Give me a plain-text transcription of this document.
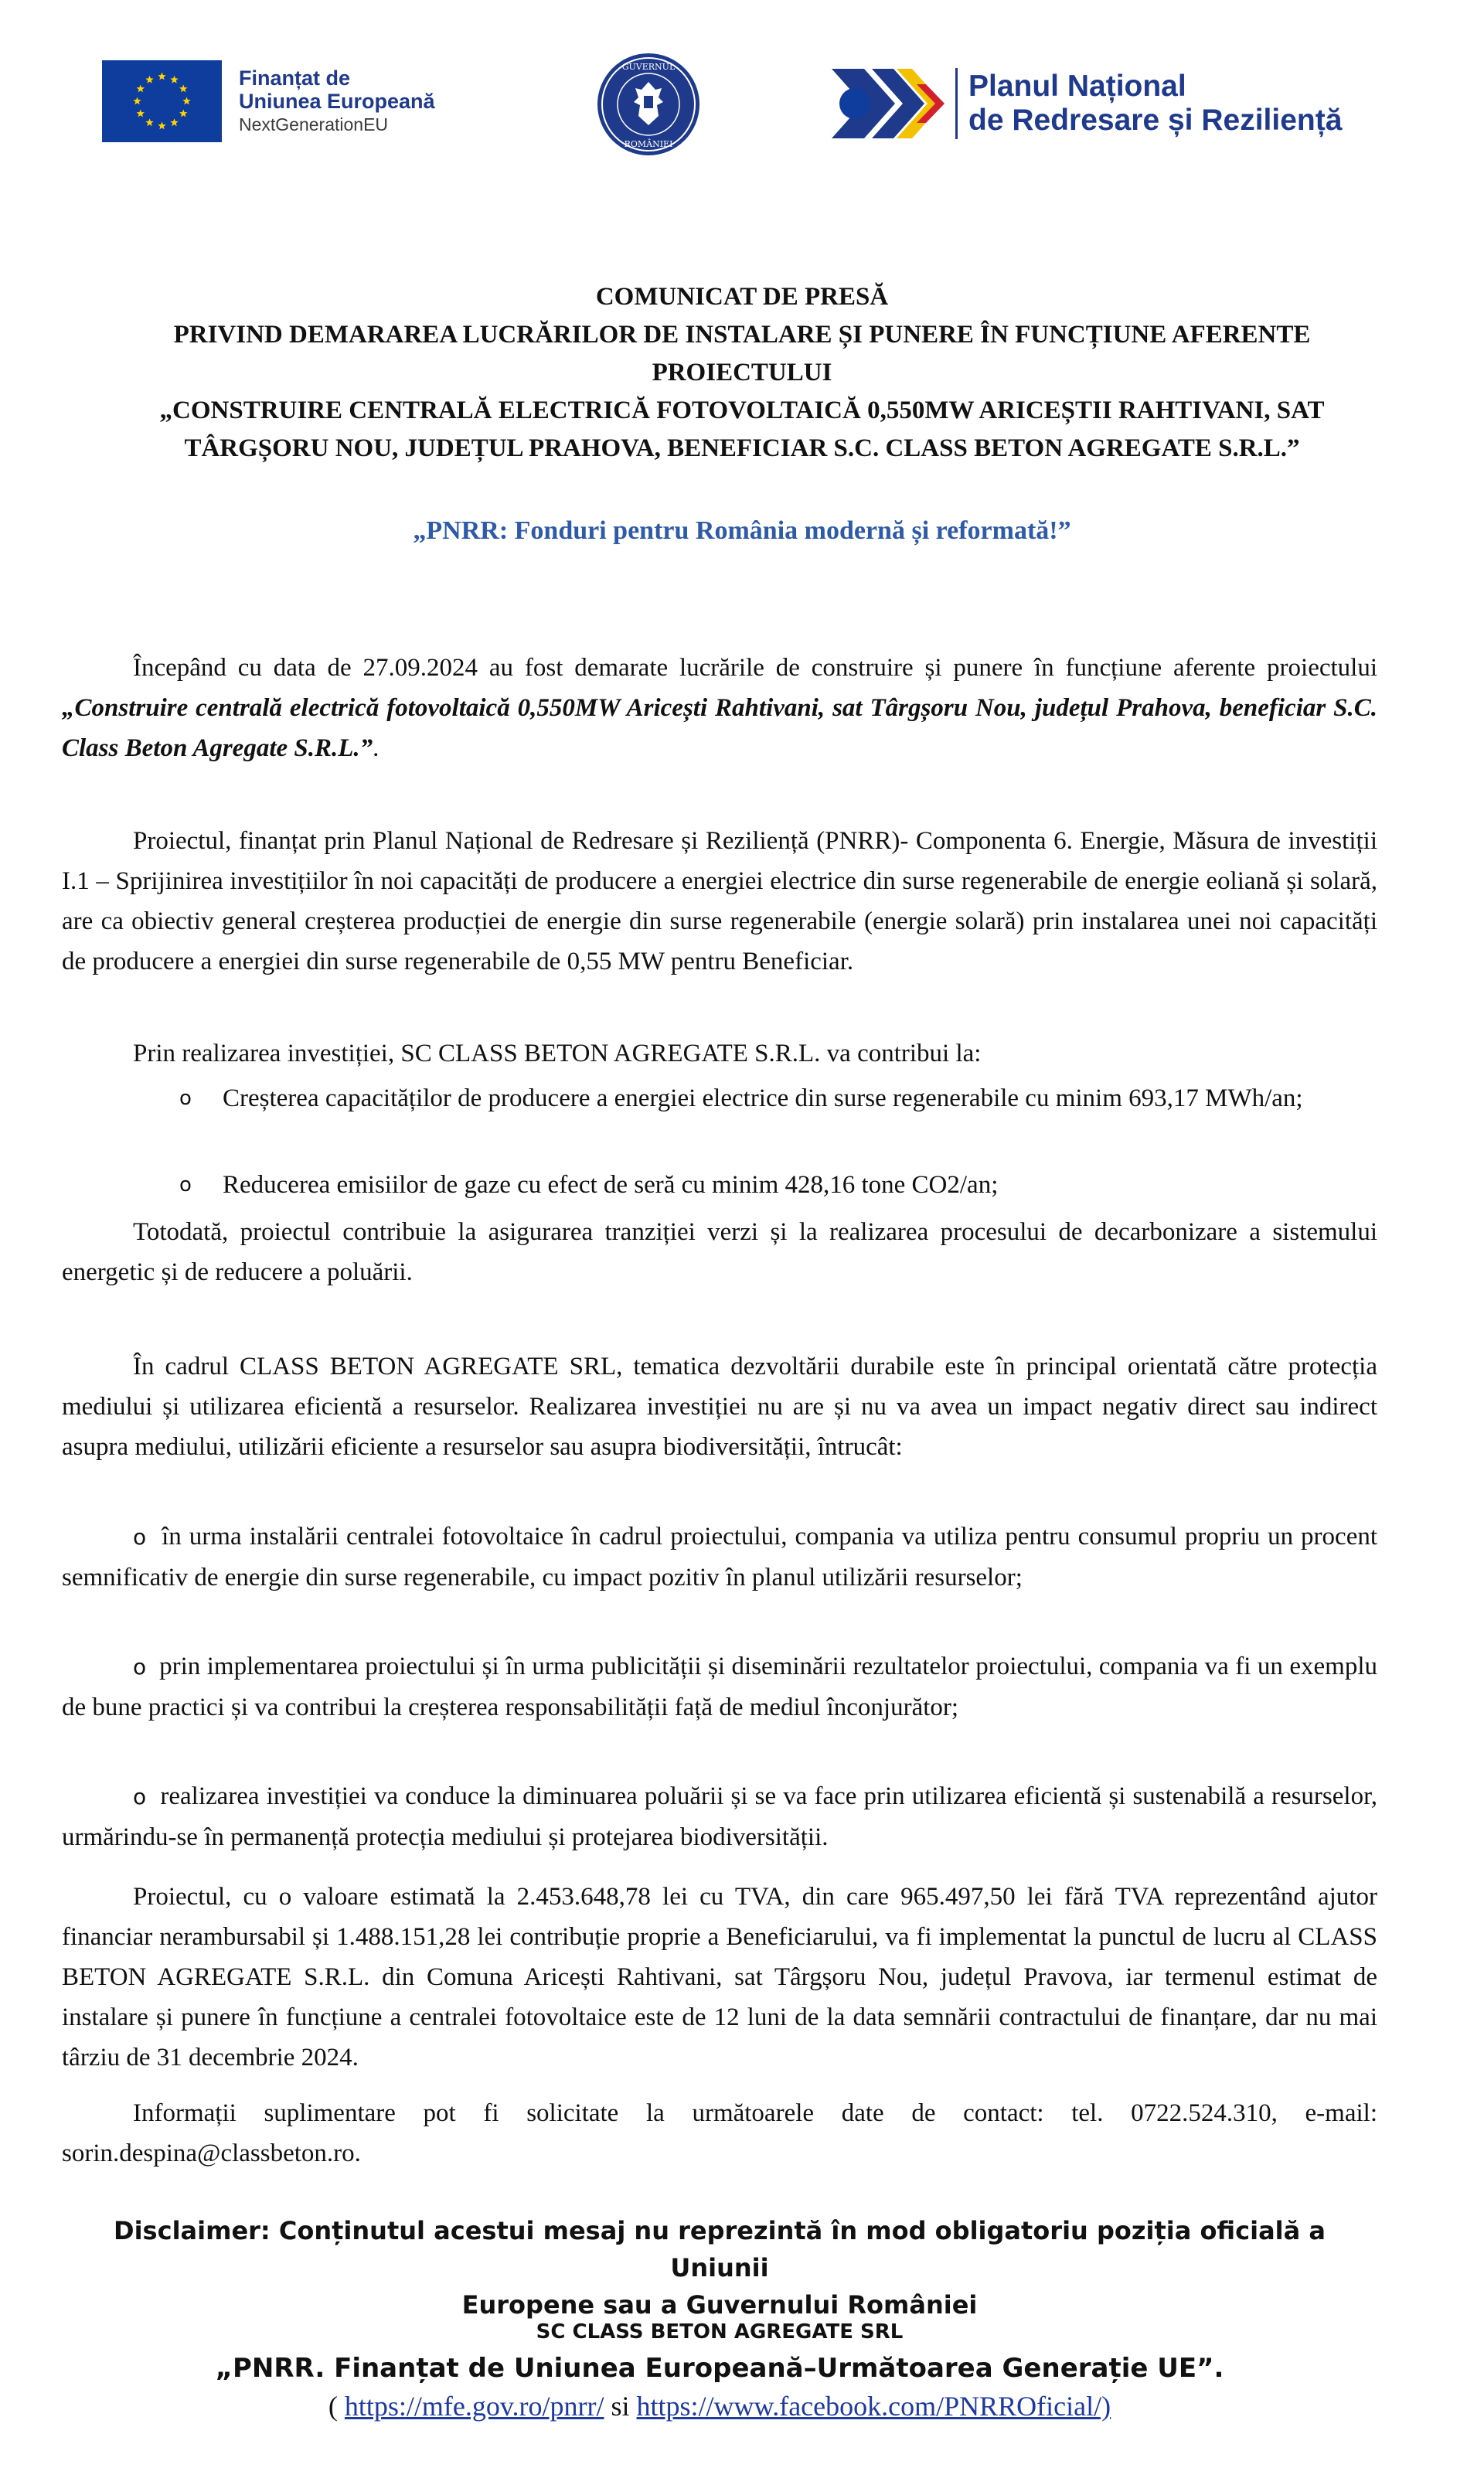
Finanțat de
Uniunea Europeană
NextGenerationEU
GUVERNUL
ROMÂNIEI
Planul Național
de Redresare și Reziliență
COMUNICAT DE PRESĂ
PRIVIND DEMARAREA LUCRĂRILOR DE INSTALARE ȘI PUNERE ÎN FUNCȚIUNE AFERENTE
PROIECTULUI
„CONSTRUIRE CENTRALĂ ELECTRICĂ FOTOVOLTAICĂ 0,550MW ARICEȘTII RAHTIVANI, SAT
TÂRGȘORU NOU, JUDEȚUL PRAHOVA, BENEFICIAR S.C. CLASS BETON AGREGATE S.R.L.”
„PNRR: Fonduri pentru România modernă și reformată!”
Începând cu data de 27.09.2024 au fost demarate lucrările de construire și punere în funcțiune aferente proiectului „Construire centrală electrică fotovoltaică 0,550MW Aricești Rahtivani, sat Târgșoru Nou, județul Prahova, beneficiar S.C. Class Beton Agregate S.R.L.”.
Proiectul, finanțat prin Planul Național de Redresare și Reziliență (PNRR)- Componenta 6. Energie, Măsura de investiții I.1 – Sprijinirea investițiilor în noi capacități de producere a energiei electrice din surse regenerabile de energie eoliană și solară, are ca obiectiv general creșterea producției de energie din surse regenerabile (energie solară) prin instalarea unei noi capacități de producere a energiei din surse regenerabile de 0,55 MW pentru Beneficiar.
Prin realizarea investiției, SC CLASS BETON AGREGATE S.R.L. va contribui la:
o Creșterea capacităților de producere a energiei electrice din surse regenerabile cu minim 693,17 MWh/an;
o Reducerea emisiilor de gaze cu efect de seră cu minim 428,16 tone CO2/an;
Totodată, proiectul contribuie la asigurarea tranziției verzi și la realizarea procesului de decarbonizare a sistemului energetic și de reducere a poluării.
În cadrul CLASS BETON AGREGATE SRL, tematica dezvoltării durabile este în principal orientată către protecția mediului și utilizarea eficientă a resurselor. Realizarea investiției nu are și nu va avea un impact negativ direct sau indirect asupra mediului, utilizării eficiente a resurselor sau asupra biodiversității, întrucât:
o în urma instalării centralei fotovoltaice în cadrul proiectului, compania va utiliza pentru consumul propriu un procent semnificativ de energie din surse regenerabile, cu impact pozitiv în planul utilizării resurselor;
o  prin implementarea proiectului și în urma publicității și diseminării rezultatelor proiectului, compania va fi un exemplu de bune practici și va contribui la creșterea responsabilității față de mediul înconjurător;
o realizarea investiției va conduce la diminuarea poluării și se va face prin utilizarea eficientă și sustenabilă a resurselor, urmărindu-se în permanență protecția mediului și protejarea biodiversității.
Proiectul, cu o valoare estimată la 2.453.648,78 lei cu TVA, din care 965.497,50 lei fără TVA reprezentând ajutor financiar nerambursabil și 1.488.151,28 lei contribuție proprie a Beneficiarului, va fi implementat la punctul de lucru al CLASS BETON AGREGATE S.R.L. din Comuna Aricești Rahtivani, sat Târgșoru Nou, județul Pravova, iar termenul estimat de instalare și punere în funcțiune a centralei fotovoltaice este de 12 luni de la data semnării contractului de finanțare, dar nu mai târziu de 31 decembrie 2024.
Informații suplimentare pot fi solicitate la următoarele date de contact: tel. 0722.524.310, e-mail: sorin.despina@classbeton.ro.
Disclaimer: Conținutul acestui mesaj nu reprezintă în mod obligatoriu poziția oficială a Uniunii
Europene sau a Guvernului României
SC CLASS BETON AGREGATE SRL
„PNRR. Finanțat de Uniunea Europeană–Următoarea Generație UE”.
( https://mfe.gov.ro/pnrr/ si https://www.facebook.com/PNRROficial/)
